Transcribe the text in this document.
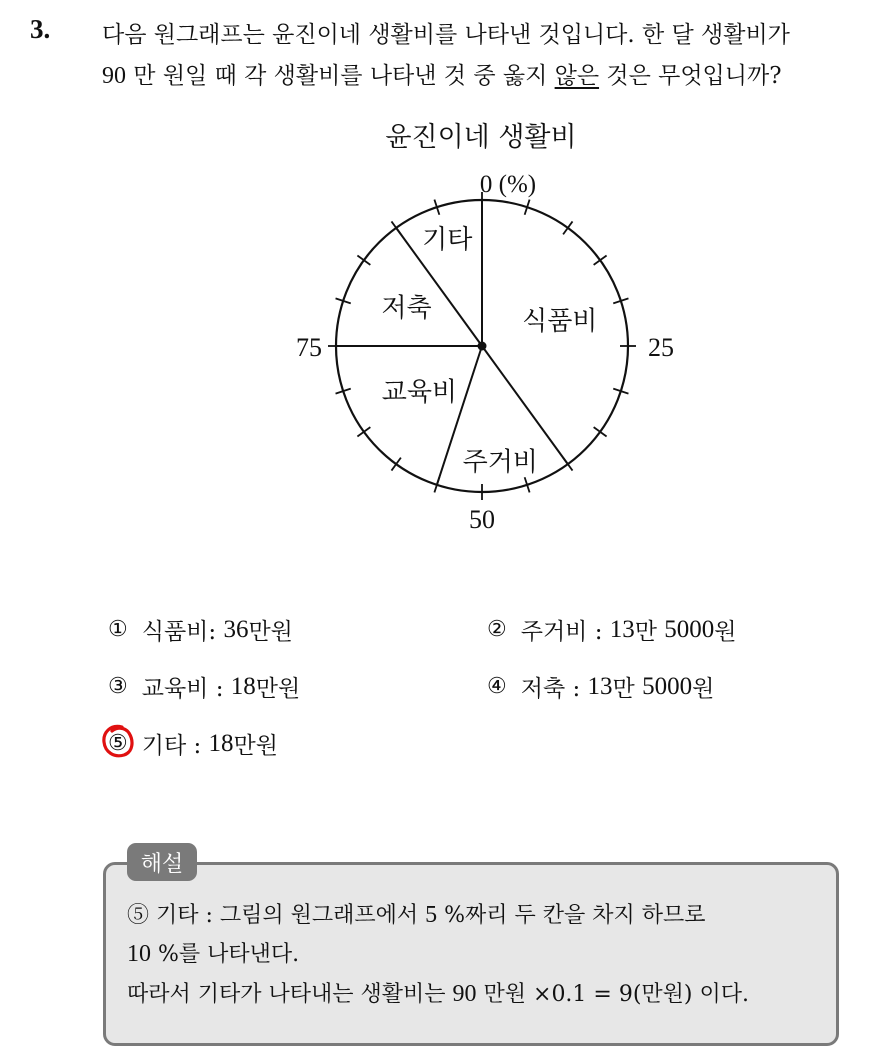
3. 다음 원그래프는 윤진이네 생활비를 나타낸 것입니다. 한 달 생활비가
90 만 원일 때 각 생활비를 나타낸 것 중 옳지 않은 것은 무엇입니까?
윤진이네 생활비
식품비
주거비
교육비
저축
기타
0 (%)
25
50
75
① 식품비:
36 만원	② 주거비 :
13 만
5000 원
③ 교육비 :
18 만원	④ 저축 :
13 만
5000 원
⑤ 기타 :
18 만원
해설
⑤ 기타 : 그림의 원그래프에서 5 %짜리 두 칸을 차지 하므로
10 %를 나타낸다.
따라서 기타가 나타내는 생활비는 90 만원 ×0.1 = 9(만원) 이다.
